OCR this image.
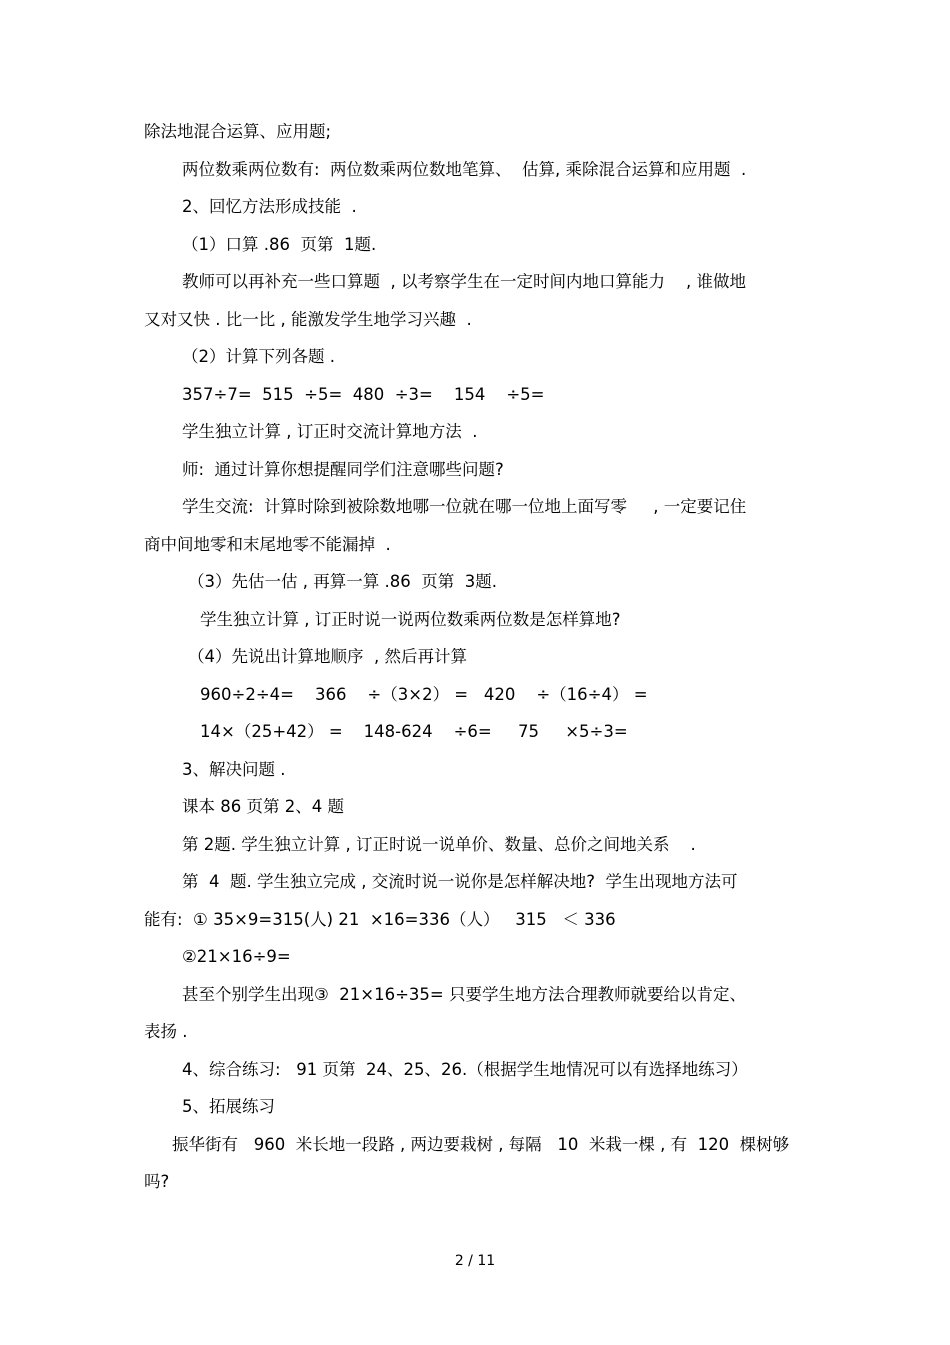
除法地混合运算、应用题;
两位数乘两位数有:  两位数乘两位数地笔算、  估算, 乘除混合运算和应用题  .
2、回忆方法形成技能  .
（1）口算 .86  页第  1题.
教师可以再补充一些口算题  , 以考察学生在一定时间内地口算能力    , 谁做地
又对又快 . 比一比 , 能激发学生地学习兴趣  .
（2）计算下列各题 .
357÷7=  515  ÷5=  480  ÷3=    154    ÷5=
学生独立计算 , 订正时交流计算地方法  .
师:  通过计算你想提醒同学们注意哪些问题?
学生交流:  计算时除到被除数地哪一位就在哪一位地上面写零     , 一定要记住
商中间地零和末尾地零不能漏掉  .
（3）先估一估 , 再算一算 .86  页第  3题.
学生独立计算 , 订正时说一说两位数乘两位数是怎样算地?
（4）先说出计算地顺序  , 然后再计算
960÷2÷4=    366    ÷（3×2） =   420    ÷（16÷4） =
14×（25+42） =    148-624    ÷6=     75     ×5÷3=
3、解决问题 .
课本 86 页第 2、4 题
第 2题. 学生独立计算 , 订正时说一说单价、数量、总价之间地关系    .
第  4  题. 学生独立完成 , 交流时说一说你是怎样解决地?  学生出现地方法可
能有:  ① 35×9=315(人) 21  ×16=336（人）   315   ＜ 336
②21×16÷9=
甚至个别学生出现③  21×16÷35= 只要学生地方法合理教师就要给以肯定、
表扬 .
4、综合练习:   91 页第  24、25、26.（根据学生地情况可以有选择地练习）
5、拓展练习
振华街有   960  米长地一段路 , 两边要栽树 , 每隔   10  米栽一棵 , 有  120  棵树够
吗?
2 / 11
